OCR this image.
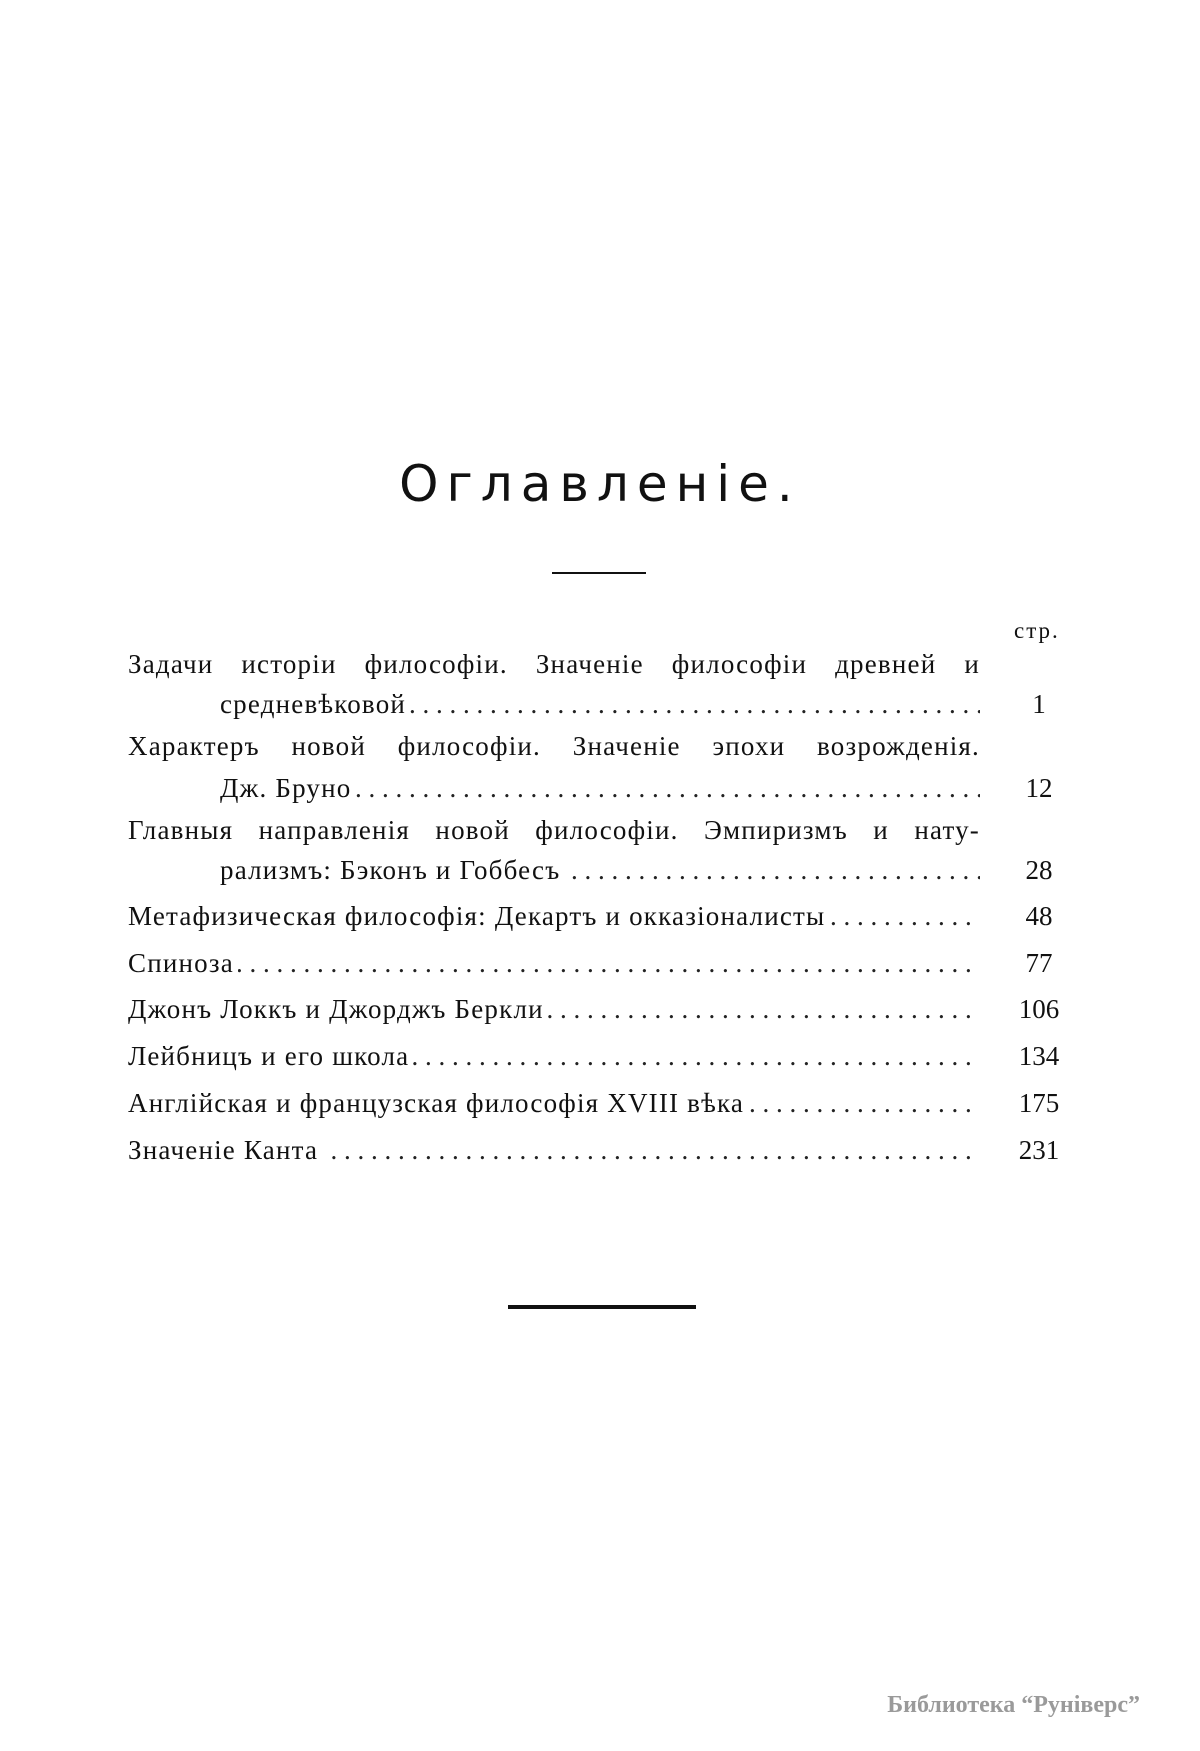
Оглавленіе.
стр.
Задачи исторіи философіи. Значеніе философіи древней и
средневѣковой . . .	1
Характеръ новой философіи. Значеніе эпохи возрожденія.
Дж. Бруно . . .	12
Главныя направленія новой философіи. Эмпиризмъ и нату-
рализмъ: Бэконъ и Гоббесъ . . .	28
Метафизическая философія: Декартъ и окказіоналисты . . .	48
Спиноза . . .	77
Джонъ Локкъ и Джорджъ Беркли . . .	106
Лейбницъ и его школа . . .	134
Англійская и французская философія XVIII вѣка . . .	175
Значеніе Канта . . .	231
Библиотека “Рунiверс”
